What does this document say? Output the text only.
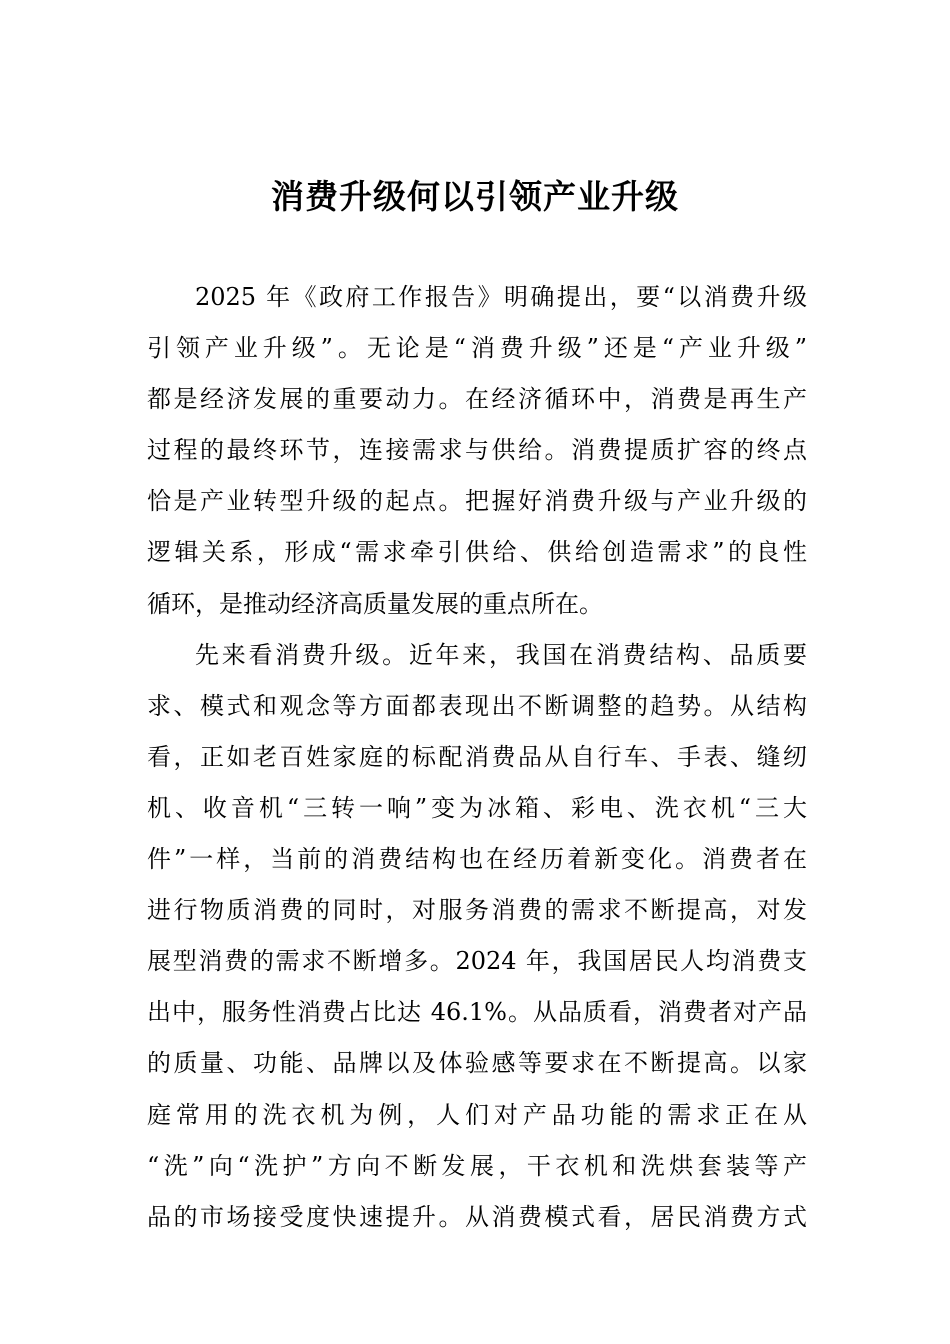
消费升级何以引领产业升级
2025 年《政府工作报告》明确提出，要“以消费升级
引领产业升级”。无论是“消费升级”还是“产业升级”
都是经济发展的重要动力。在经济循环中，消费是再生产
过程的最终环节，连接需求与供给。消费提质扩容的终点
恰是产业转型升级的起点。把握好消费升级与产业升级的
逻辑关系，形成“需求牵引供给、供给创造需求”的良性
循环，是推动经济高质量发展的重点所在。
先来看消费升级。近年来，我国在消费结构、品质要
求、模式和观念等方面都表现出不断调整的趋势。从结构
看，正如老百姓家庭的标配消费品从自行车、手表、缝纫
机、收音机“三转一响”变为冰箱、彩电、洗衣机“三大
件”一样，当前的消费结构也在经历着新变化。消费者在
进行物质消费的同时，对服务消费的需求不断提高，对发
展型消费的需求不断增多。2024 年，我国居民人均消费支
出中，服务性消费占比达 46.1%。从品质看，消费者对产品
的质量、功能、品牌以及体验感等要求在不断提高。以家
庭常用的洗衣机为例，人们对产品功能的需求正在从
“洗”向“洗护”方向不断发展，干衣机和洗烘套装等产
品的市场接受度快速提升。从消费模式看，居民消费方式
